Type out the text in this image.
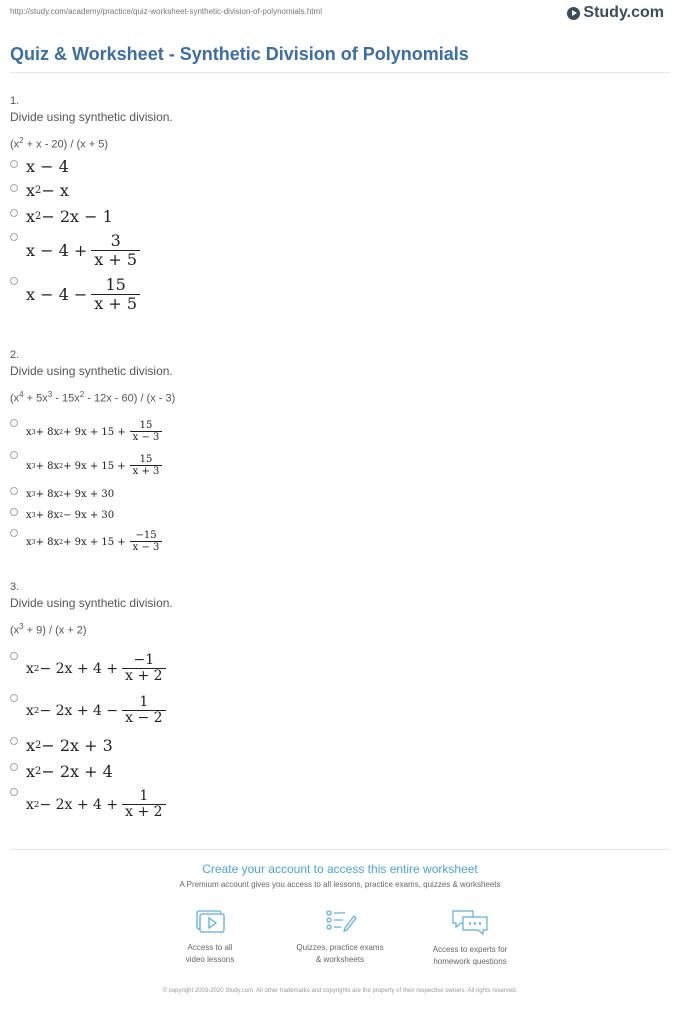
http://study.com/academy/practice/quiz-worksheet-synthetic-division-of-polynomials.html	Study.com
Quiz & Worksheet - Synthetic Division of Polynomials
1.
Divide using synthetic division.
$(x^2 + x - 20) / (x + 5)$
x − 4
x 2 − x
x 2 − 2x − 1
$x - 4 + \frac{3}{x + 5}$
$x - 4 - \frac{15}{x + 5}$
2.
Divide using synthetic division.
$(x^4 + 5x^3 - 15x^2 - 12x - 60) / (x - 3)$
x 3 + 8x $2 + 9x + 15 + \frac{15}{x - 3}$
x 3 + 8x $2 + 9x + 15 + \frac{15}{x + 3}$
x 3 + 8x 2 + 9x + 30
x 3 + 8x 2 − 9x + 30
x 3 + 8x $2 + 9x + 15 + \frac{-15}{x - 3}$
3.
Divide using synthetic division.
$(x^3 + 9) / (x + 2)$
x $2 - 2x + 4 + \frac{-1}{x + 2}$
x $2 - 2x + 4 - \frac{1}{x - 2}$
x 2 − 2x + 3
x 2 − 2x + 4
x $2 - 2x + 4 + \frac{1}{x + 2}$
Create your account to access this entire worksheet
A Premium account gives you access to all lessons, practice exams, quizzes & worksheets
Access to all
video lessons
Quizzes, practice exams
& worksheets
Access to experts for
homework questions
© copyright 2003-2020 Study.com. All other trademarks and copyrights are the property of their respective owners. All rights reserved.
